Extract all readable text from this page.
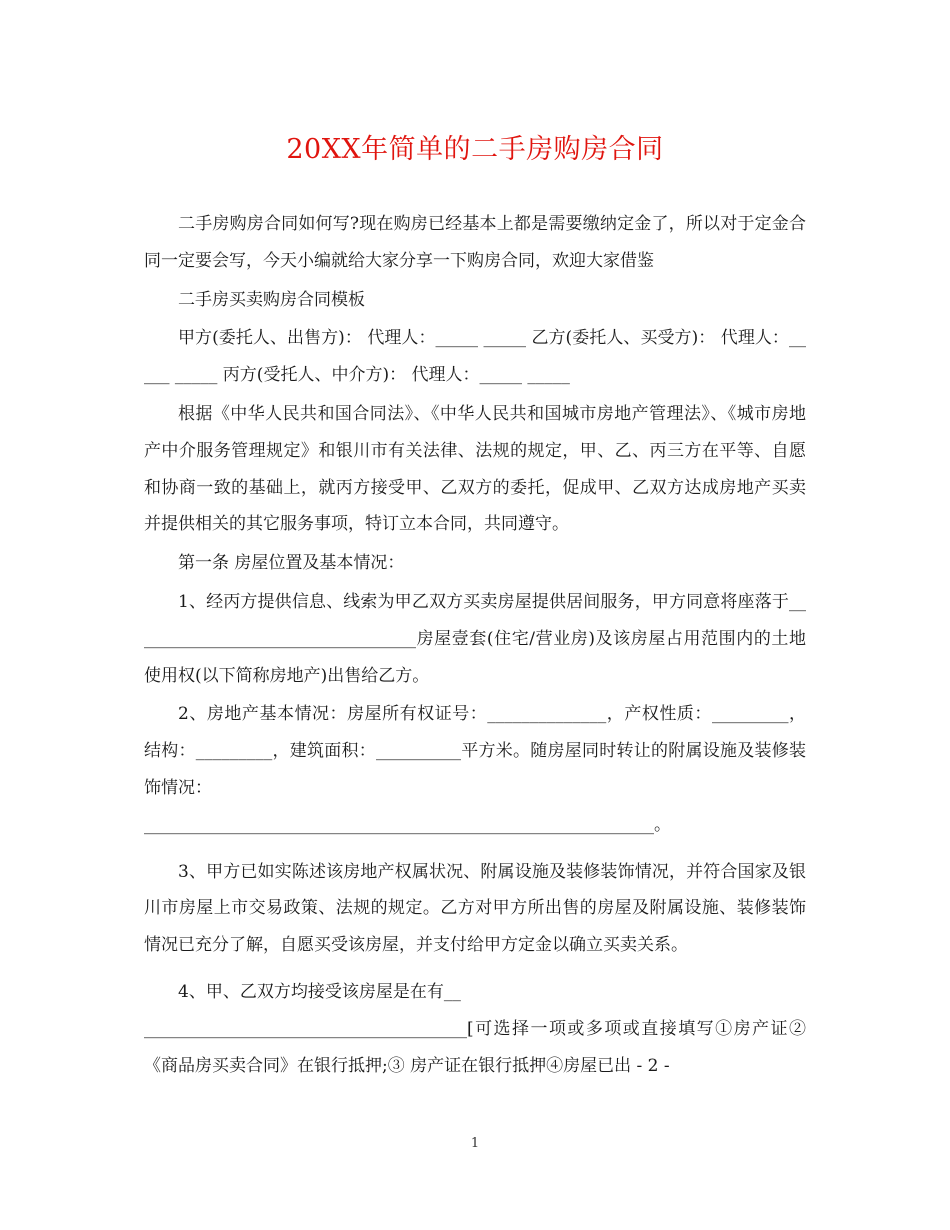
20XX年简单的二手房购房合同

二手房购房合同如何写?现在购房已经基本上都是需要缴纳定金了，所以对于定金合同一定要会写，今天小编就给大家分享一下购房合同，欢迎大家借鉴

二手房买卖购房合同模板

甲方(委托人、出售方)： 代理人：_____ _____ 乙方(委托人、买受方)： 代理人：_____ _____ 丙方(受托人、中介方)： 代理人：_____ _____

根据《中华人民共和国合同法》、《中华人民共和国城市房地产管理法》、《城市房地产中介服务管理规定》和银川市有关法律、法规的规定，甲、乙、丙三方在平等、自愿和协商一致的基础上，就丙方接受甲、乙双方的委托，促成甲、乙双方达成房地产买卖并提供相关的其它服务事项，特订立本合同，共同遵守。

第一条 房屋位置及基本情况：

1、经丙方提供信息、线索为甲乙双方买卖房屋提供居间服务，甲方同意将座落于__________________________________房屋壹套(住宅/营业房)及该房屋占用范围内的土地使用权(以下简称房地产)出售给乙方。

2、房地产基本情况：房屋所有权证号：______________，产权性质：_________，结构：_________，建筑面积：__________平方米。随房屋同时转让的附属设施及装修装饰情况：

____________________________________________________________。

3、甲方已如实陈述该房地产权属状况、附属设施及装修装饰情况，并符合国家及银川市房屋上市交易政策、法规的规定。乙方对甲方所出售的房屋及附属设施、装修装饰情况已充分了解，自愿买受该房屋，并支付给甲方定金以确立买卖关系。

4、甲、乙双方均接受该房屋是在有__

______________________________________[可选择一项或多项或直接填写①房产证②《商品房买卖合同》在银行抵押;③ 房产证在银行抵押④房屋已出 - 2 -

1
